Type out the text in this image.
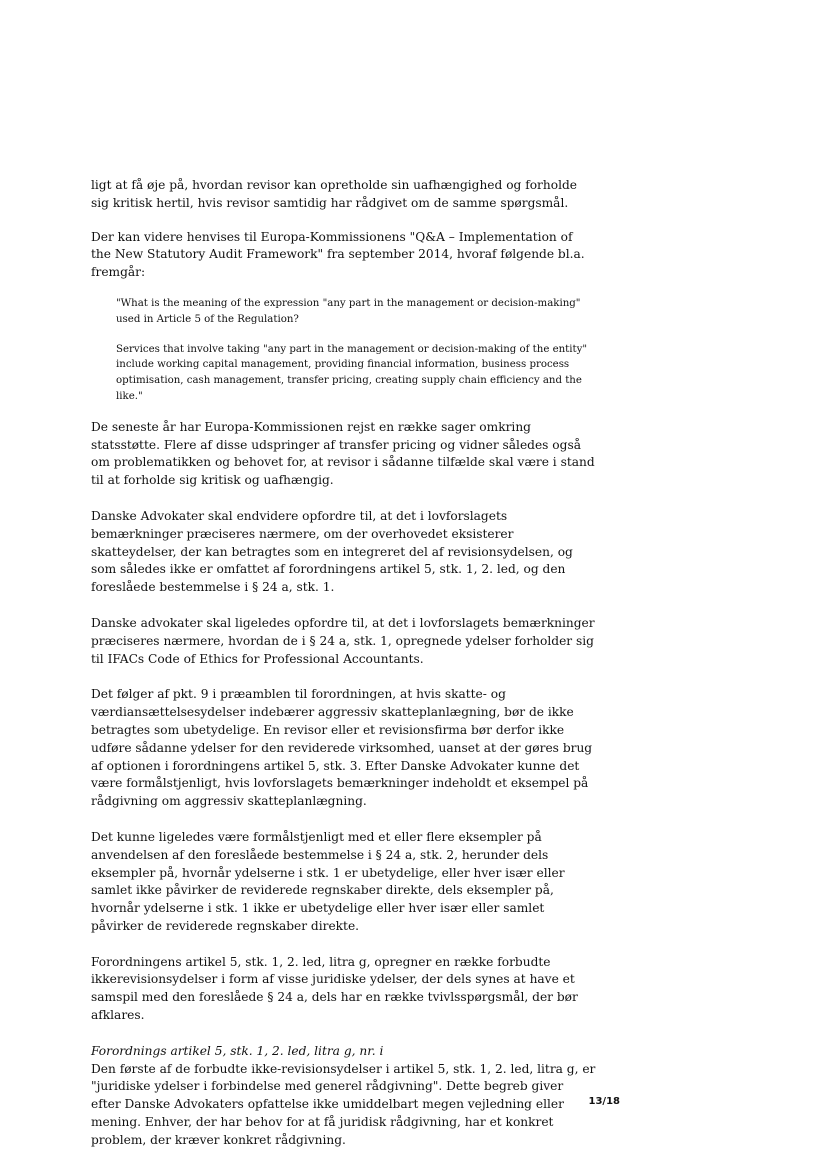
ligt at få øje på, hvordan revisor kan opretholde sin uafhængighed og forholde sig kritisk hertil, hvis revisor samtidig har rådgivet om de samme spørgsmål.

Der kan videre henvises til Europa-Kommissionens "Q&A – Implementation of the New Statutory Audit Framework" fra september 2014, hvoraf følgende bl.a. fremgår:

"What is the meaning of the expression "any part in the management or decision-making" used in Article 5 of the Regulation?

Services that involve taking "any part in the management or decision-making of the entity" include working capital management, providing financial information, business process optimisation, cash management, transfer pricing, creating supply chain efficiency and the like."

De seneste år har Europa-Kommissionen rejst en række sager omkring statsstøtte. Flere af disse udspringer af transfer pricing og vidner således også om problematikken og behovet for, at revisor i sådanne tilfælde skal være i stand til at forholde sig kritisk og uafhængig.

Danske Advokater skal endvidere opfordre til, at det i lovforslagets bemærkninger præciseres nærmere, om der overhovedet eksisterer skatteydelser, der kan betragtes som en integreret del af revisionsydelsen, og som således ikke er omfattet af forordningens artikel 5, stk. 1, 2. led, og den foreslåede bestemmelse i § 24 a, stk. 1.

Danske advokater skal ligeledes opfordre til, at det i lovforslagets bemærkninger præciseres nærmere, hvordan de i § 24 a, stk. 1, opregnede ydelser forholder sig til IFACs Code of Ethics for Professional Accountants.

Det følger af pkt. 9 i præamblen til forordningen, at hvis skatte- og værdiansættelsesydelser indebærer aggressiv skatteplanlægning, bør de ikke betragtes som ubetydelige. En revisor eller et revisionsfirma bør derfor ikke udføre sådanne ydelser for den reviderede virksomhed, uanset at der gøres brug af optionen i forordningens artikel 5, stk. 3. Efter Danske Advokater kunne det være formålstjenligt, hvis lovforslagets bemærkninger indeholdt et eksempel på rådgivning om aggressiv skatteplanlægning.

Det kunne ligeledes være formålstjenligt med et eller flere eksempler på anvendelsen af den foreslåede bestemmelse i § 24 a, stk. 2, herunder dels eksempler på, hvornår ydelserne i stk. 1 er ubetydelige, eller hver især eller samlet ikke påvirker de reviderede regnskaber direkte, dels eksempler på, hvornår ydelserne i stk. 1 ikke er ubetydelige eller hver især eller samlet påvirker de reviderede regnskaber direkte.

Forordningens artikel 5, stk. 1, 2. led, litra g, opregner en række forbudte ikkerevisionsydelser i form af visse juridiske ydelser, der dels synes at have et samspil med den foreslåede § 24 a, dels har en række tvivlsspørgsmål, der bør afklares.

Forordnings artikel 5, stk. 1, 2. led, litra g, nr. i

Den første af de forbudte ikke-revisionsydelser i artikel 5, stk. 1, 2. led, litra g, er "juridiske ydelser i forbindelse med generel rådgivning". Dette begreb giver efter Danske Advokaters opfattelse ikke umiddelbart megen vejledning eller mening. Enhver, der har behov for at få juridisk rådgivning, har et konkret problem, der kræver konkret rådgivning.

13/18
